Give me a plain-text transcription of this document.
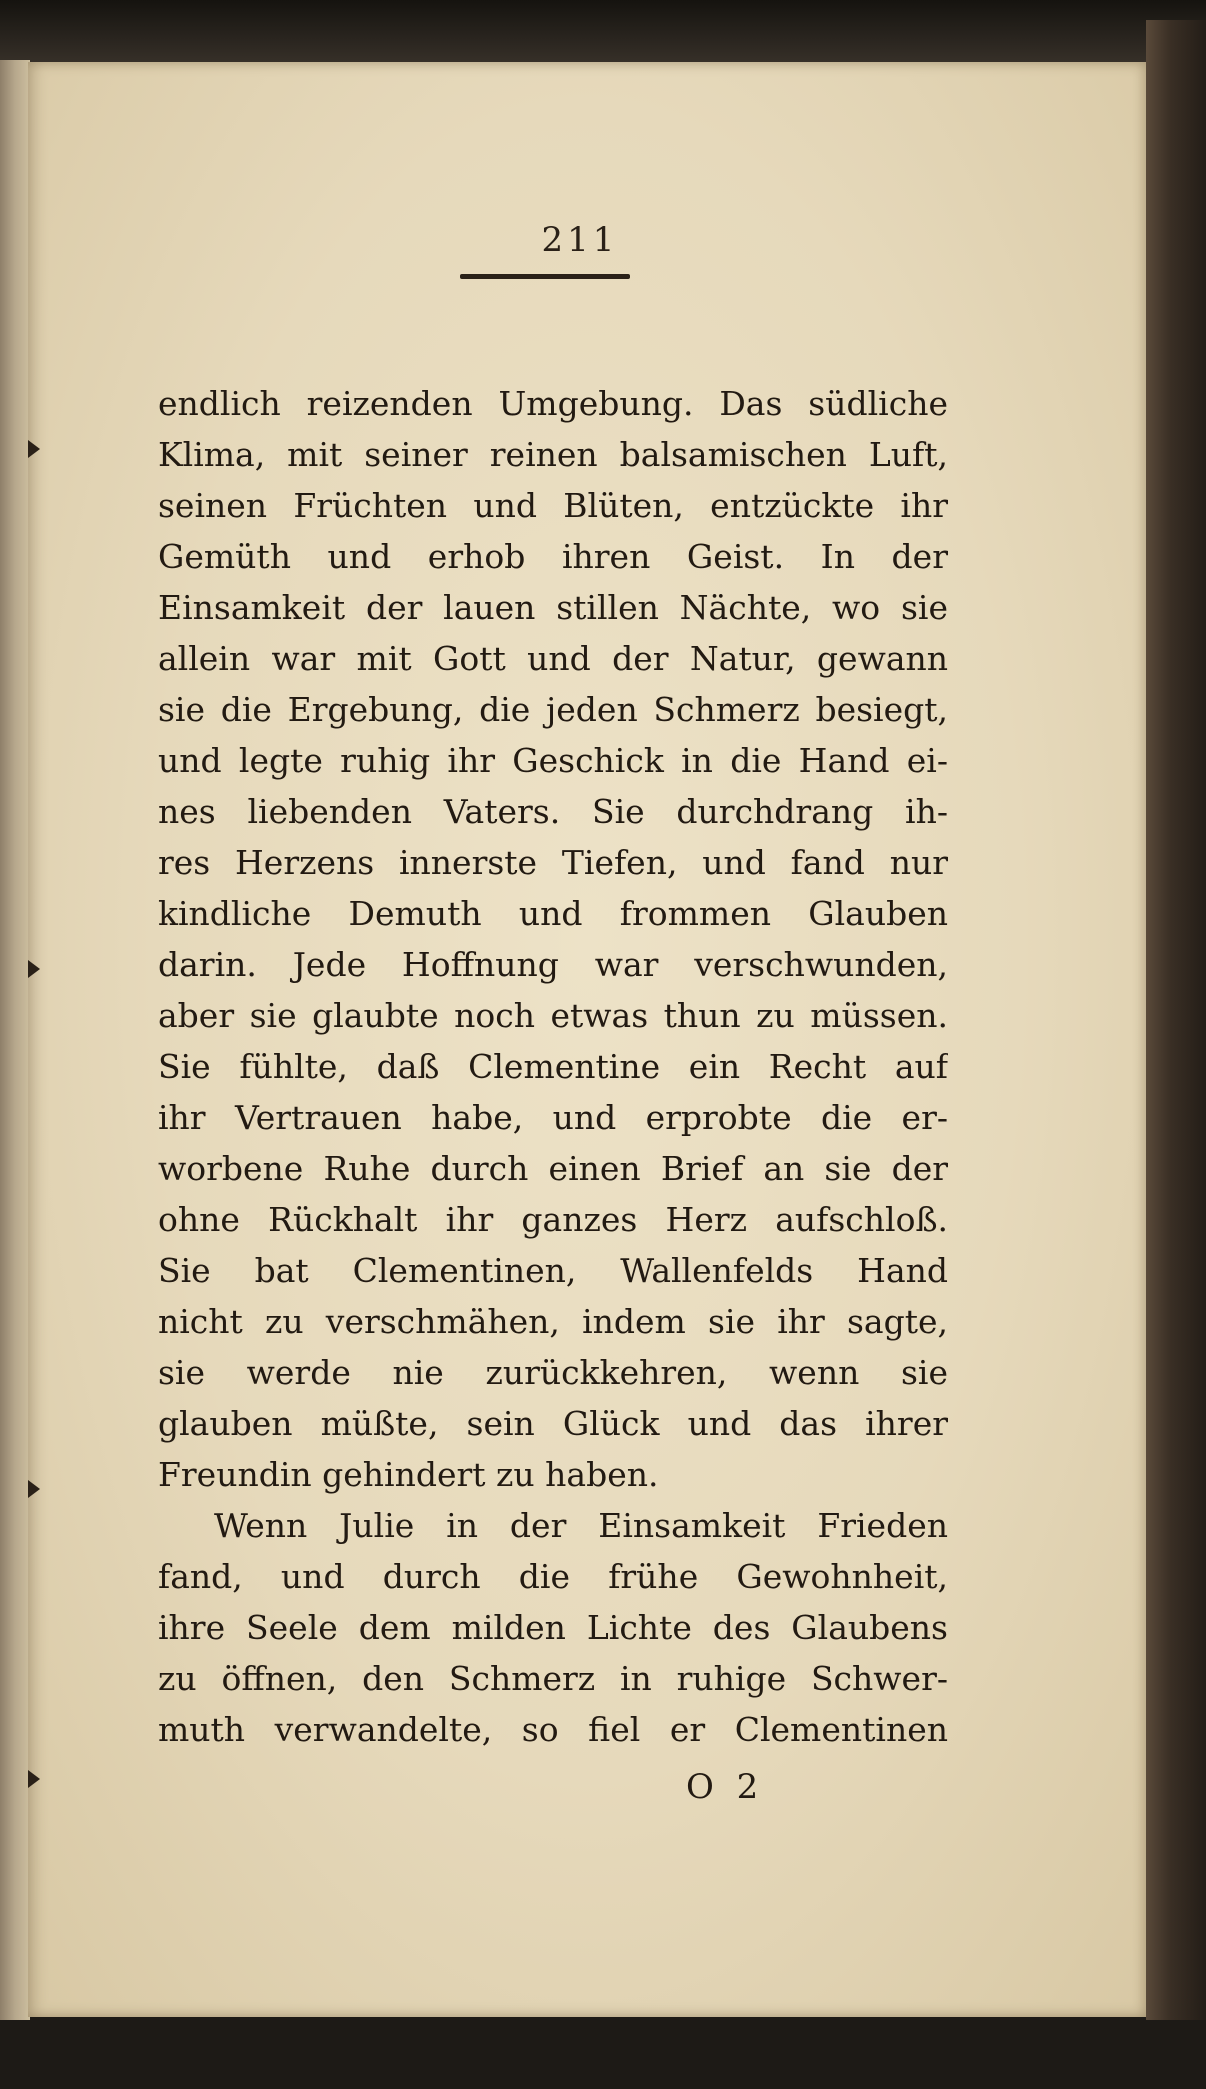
211
endlich reizenden Umgebung. Das südliche
Klima, mit seiner reinen balsamischen Luft,
seinen Früchten und Blüten, entzückte ihr
Gemüth und erhob ihren Geist. In der
Einsamkeit der lauen stillen Nächte, wo sie
allein war mit Gott und der Natur, gewann
sie die Ergebung, die jeden Schmerz besiegt,
und legte ruhig ihr Geschick in die Hand ei-
nes liebenden Vaters. Sie durchdrang ih-
res Herzens innerste Tiefen, und fand nur
kindliche Demuth und frommen Glauben
darin. Jede Hoffnung war verschwunden,
aber sie glaubte noch etwas thun zu müssen.
Sie fühlte, daß Clementine ein Recht auf
ihr Vertrauen habe, und erprobte die er-
worbene Ruhe durch einen Brief an sie der
ohne Rückhalt ihr ganzes Herz aufschloß.
Sie bat Clementinen, Wallenfelds Hand
nicht zu verschmähen, indem sie ihr sagte,
sie werde nie zurückkehren, wenn sie
glauben müßte, sein Glück und das ihrer
Freundin gehindert zu haben.
Wenn Julie in der Einsamkeit Frieden
fand, und durch die frühe Gewohnheit,
ihre Seele dem milden Lichte des Glaubens
zu öffnen, den Schmerz in ruhige Schwer-
muth verwandelte, so fiel er Clementinen
O 2
